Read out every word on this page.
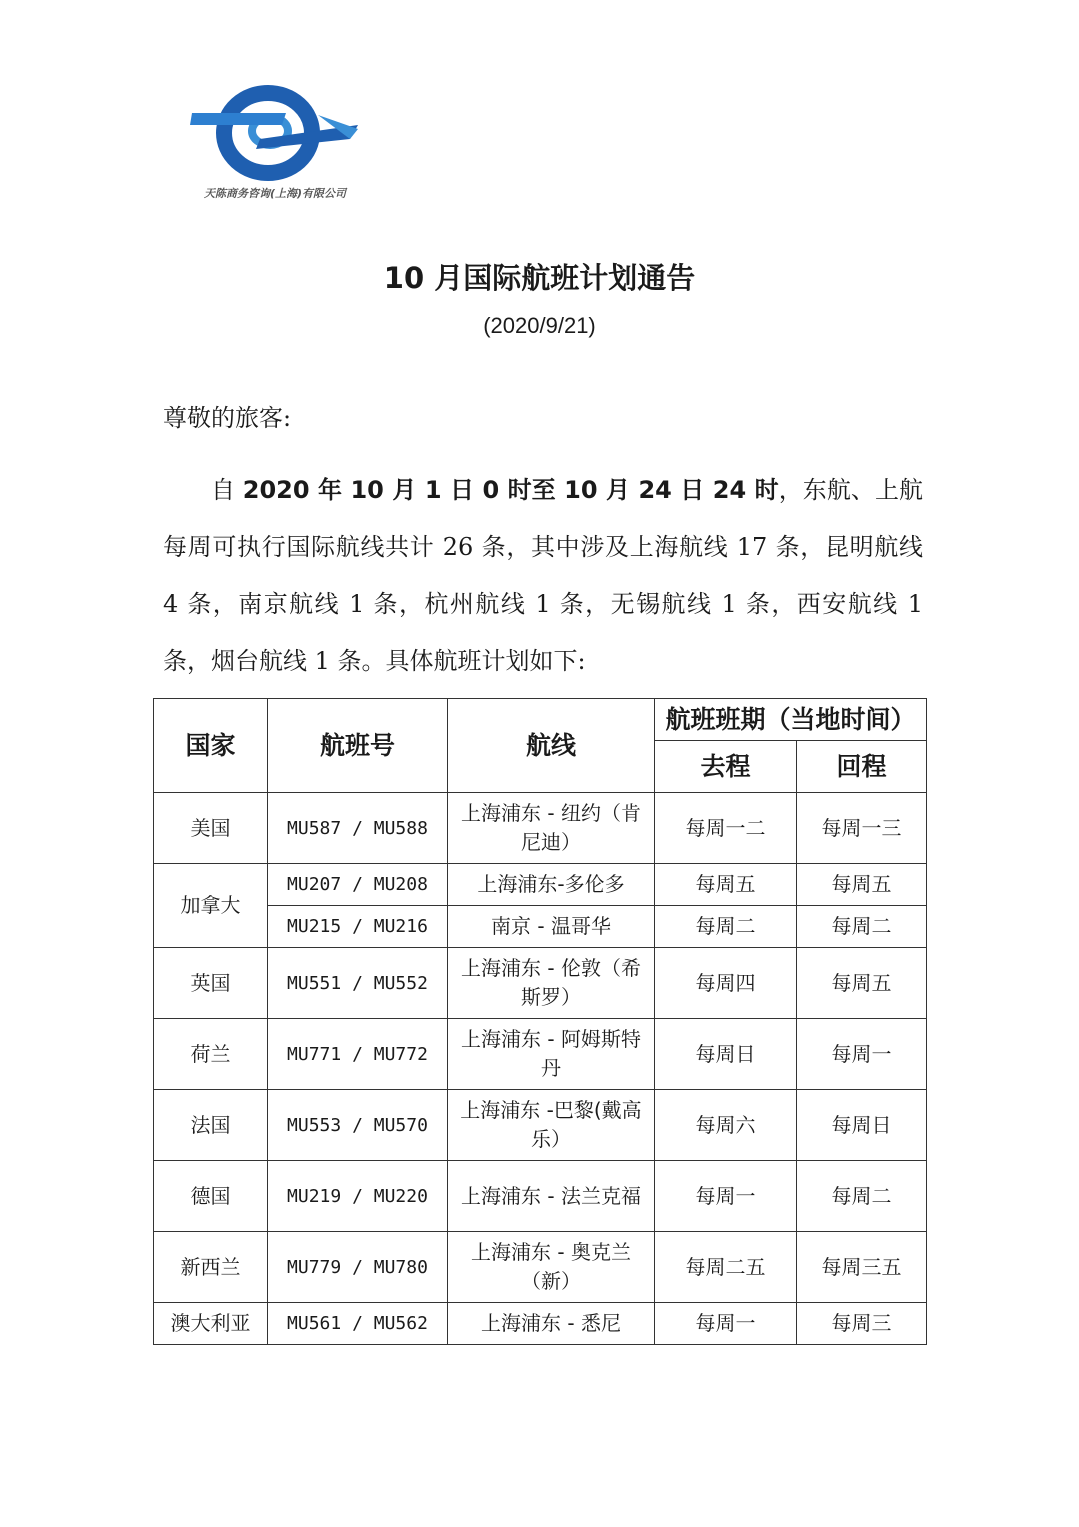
天陈商务咨询(上海)有限公司
10 月国际航班计划通告
(2020/9/21)
尊敬的旅客:
自 2020 年 10 月 1 日 0 时至 10 月 24 日 24 时，东航、上航每周可执行国际航线共计 26 条，其中涉及上海航线 17 条，昆明航线 4 条，南京航线 1 条，杭州航线 1 条，无锡航线 1 条，西安航线 1 条，烟台航线 1 条。具体航班计划如下:
国家	航班号	航线	航班班期（当地时间）	
			去程	回程
美国	MU587 / MU588	上海浦东 - 纽约（肯尼迪）	每周一二	每周一三
加拿大	MU207 / MU208	上海浦东-多伦多	每周五	每周五
	MU215 / MU216	南京 - 温哥华	每周二	每周二
英国	MU551 / MU552	上海浦东 - 伦敦（希斯罗）	每周四	每周五
荷兰	MU771 / MU772	上海浦东 - 阿姆斯特丹	每周日	每周一
法国	MU553 / MU570	上海浦东 -巴黎(戴高乐）	每周六	每周日
德国	MU219 / MU220	上海浦东 - 法兰克福	每周一	每周二
新西兰	MU779 / MU780	上海浦东 - 奥克兰（新）	每周二五	每周三五
澳大利亚	MU561 / MU562	上海浦东 - 悉尼	每周一	每周三
